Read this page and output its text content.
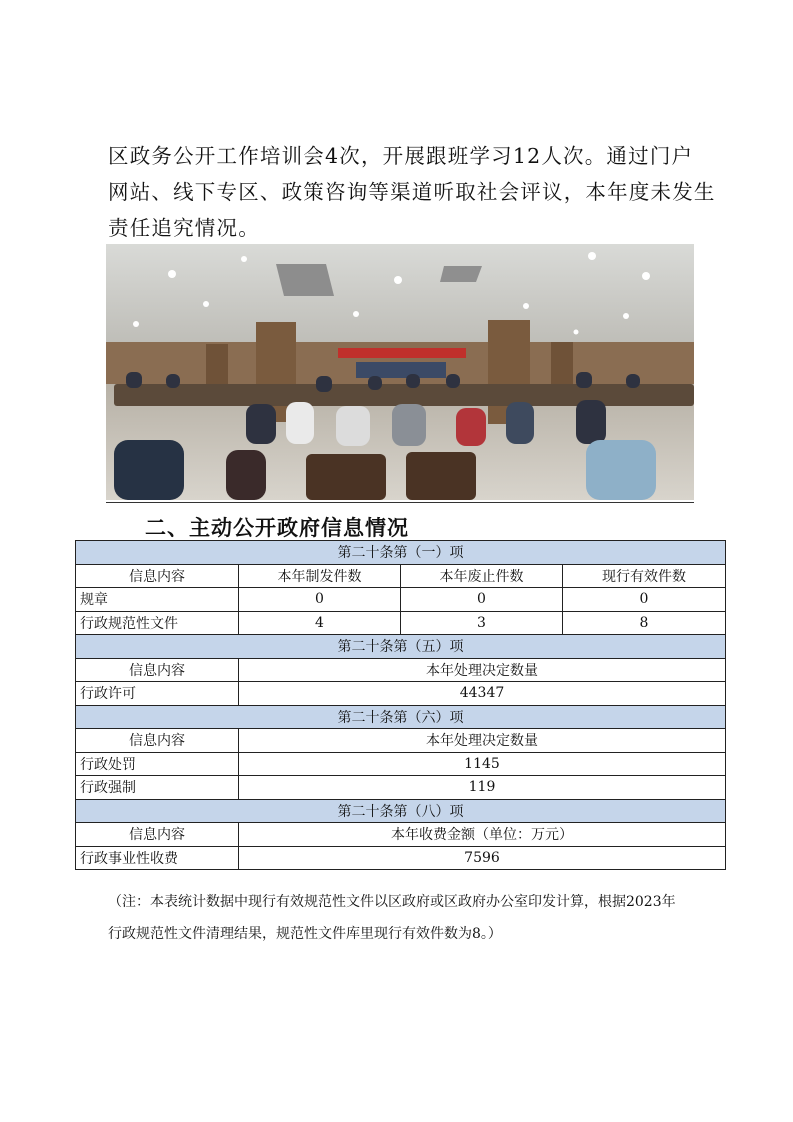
区政务公开工作培训会4次，开展跟班学习12人次。通过门户
网站、线下专区、政策咨询等渠道听取社会评议，本年度未发生
责任追究情况。
二、主动公开政府信息情况
第二十条第（一）项			
信息内容	本年制发件数	本年废止件数	现行有效件数
规章	0	0	0
行政规范性文件	4	3	8
第二十条第（五）项			
信息内容	本年处理决定数量		
行政许可	44347		
第二十条第（六）项			
信息内容	本年处理决定数量		
行政处罚	1145		
行政强制	119		
第二十条第（八）项			
信息内容	本年收费金额（单位：万元）		
行政事业性收费	7596		
（注：本表统计数据中现行有效规范性文件以区政府或区政府办公室印发计算，根据2023年
行政规范性文件清理结果，规范性文件库里现行有效件数为8。）
